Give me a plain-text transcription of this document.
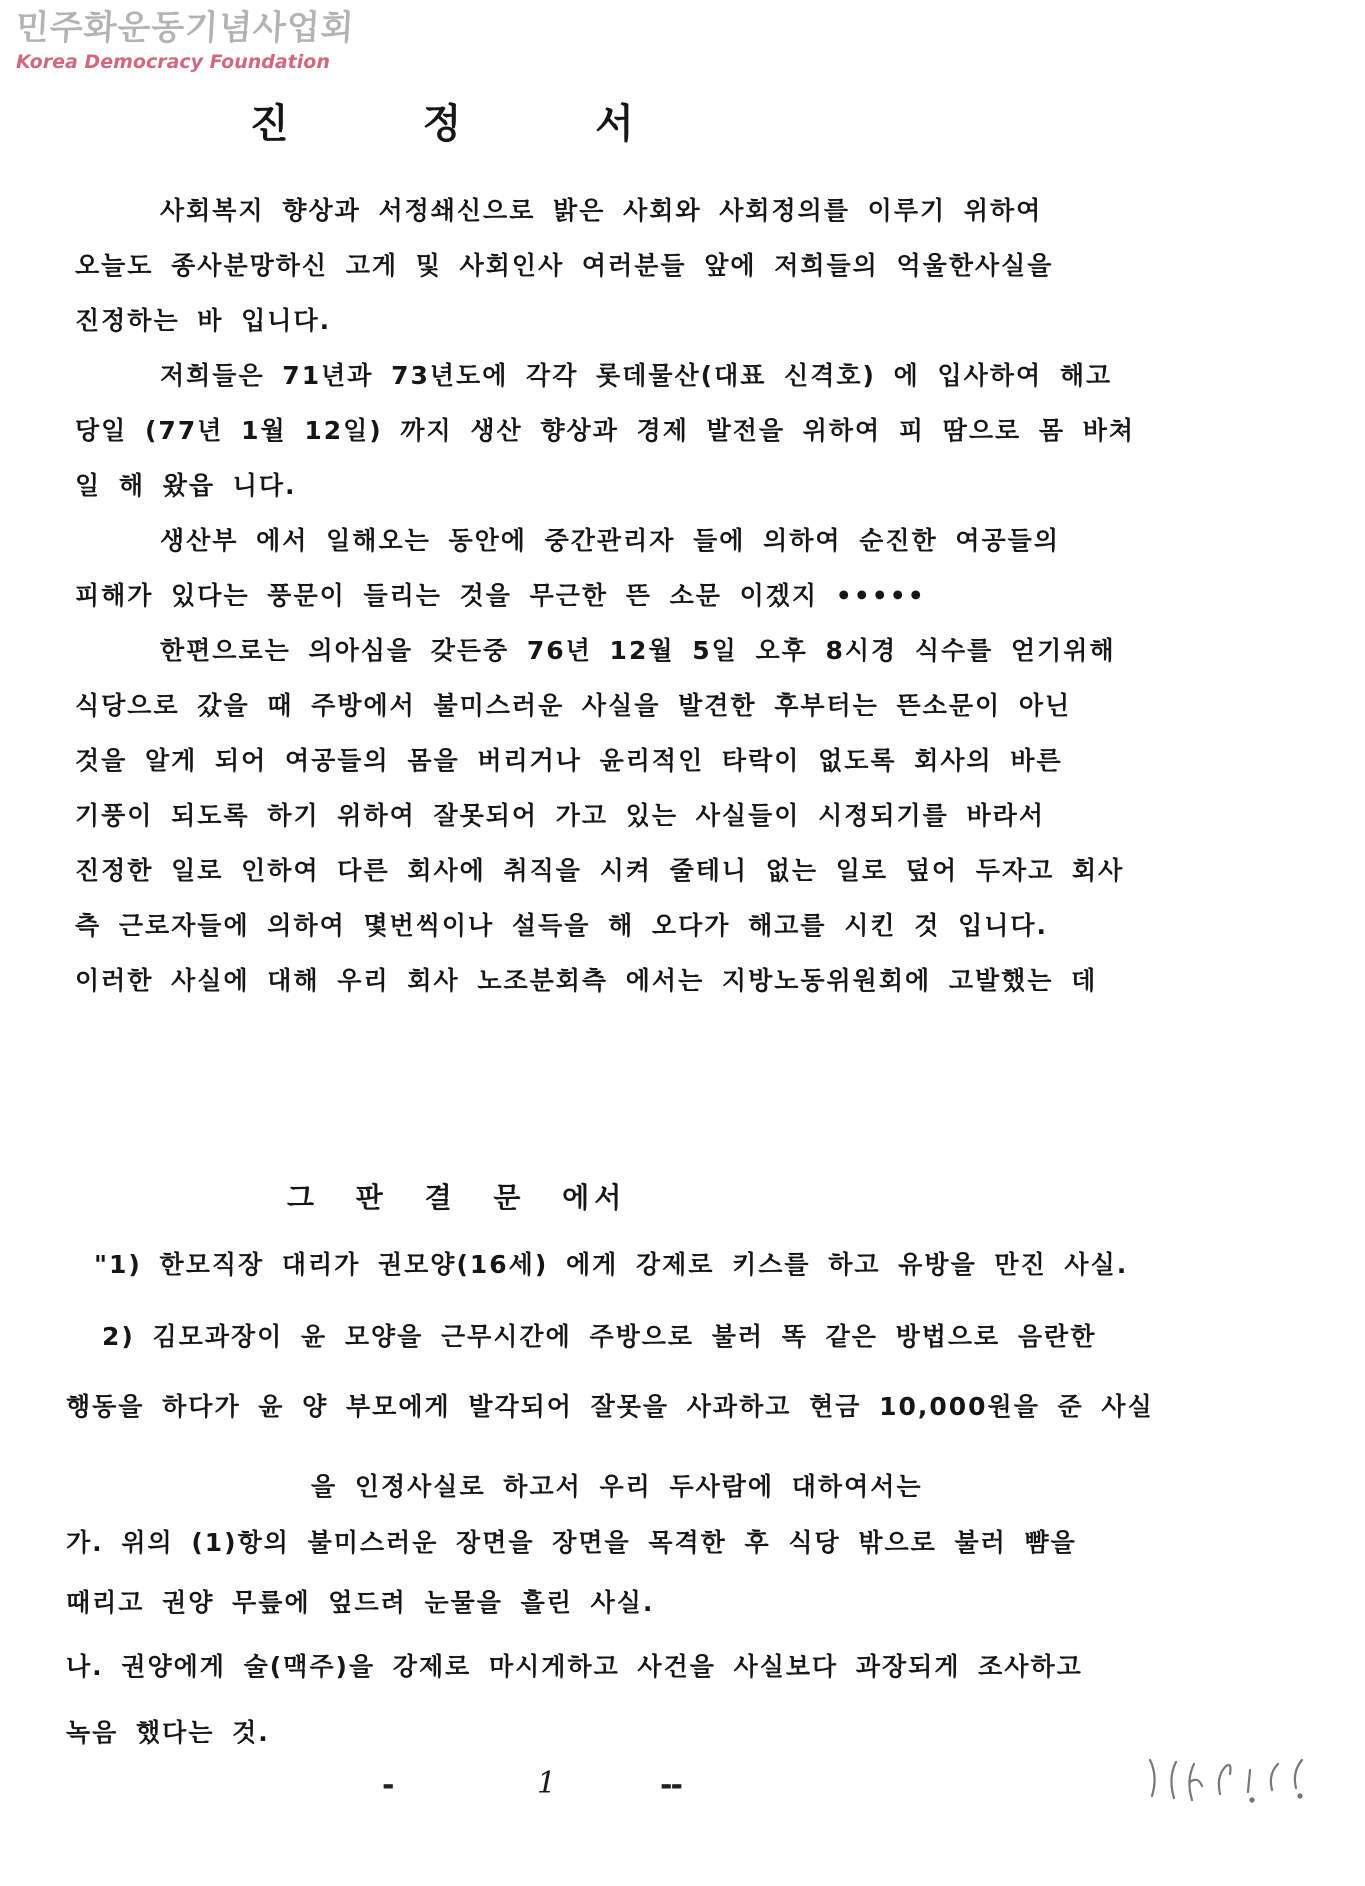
민주화운동기념사업회
Korea Democracy Foundation
진 정 서
사회복지 향상과 서정쇄신으로 밝은 사회와 사회정의를 이루기 위하여
오늘도 종사분망하신 고게 및 사회인사 여러분들 앞에 저희들의 억울한사실을
진정하는 바 입니다.
저희들은 71년과 73년도에 각각 롯데물산(대표 신격호) 에 입사하여 해고
당일 (77년 1월 12일) 까지 생산 향상과 경제 발전을 위하여 피 땀으로 몸 바쳐
일 해 왔읍 니다.
생산부 에서 일해오는 동안에 중간관리자 들에 의하여 순진한 여공들의
피해가 있다는 풍문이 들리는 것을 무근한 뜬 소문 이겠지 •••••
한편으로는 의아심을 갖든중 76년 12월 5일 오후 8시경 식수를 얻기위해
식당으로 갔을 때 주방에서 불미스러운 사실을 발견한 후부터는 뜬소문이 아닌
것을 알게 되어 여공들의 몸을 버리거나 윤리적인 타락이 없도록 회사의 바른
기풍이 되도록 하기 위하여 잘못되어 가고 있는 사실들이 시정되기를 바라서
진정한 일로 인하여 다른 회사에 취직을 시켜 줄테니 없는 일로 덮어 두자고 회사
측 근로자들에 의하여 몇번씩이나 설득을 해 오다가 해고를 시킨 것 입니다.
이러한 사실에 대해 우리 회사 노조분회측 에서는 지방노동위원회에 고발했는 데
그 판 결 문 에서
"1) 한모직장 대리가 권모양(16세) 에게 강제로 키스를 하고 유방을 만진 사실.
2) 김모과장이 윤 모양을 근무시간에 주방으로 불러 똑 같은 방법으로 음란한
행동을 하다가 윤 양 부모에게 발각되어 잘못을 사과하고 현금 10,000원을 준 사실
을 인정사실로 하고서 우리 두사람에 대하여서는
가. 위의 (1)항의 불미스러운 장면을 장면을 목격한 후 식당 밖으로 불러 뺨을
때리고 권양 무릎에 엎드려 눈물을 흘린 사실.
나. 권양에게 술(맥주)을 강제로 마시게하고 사건을 사실보다 과장되게 조사하고
녹음 했다는 것.
-	1	--
